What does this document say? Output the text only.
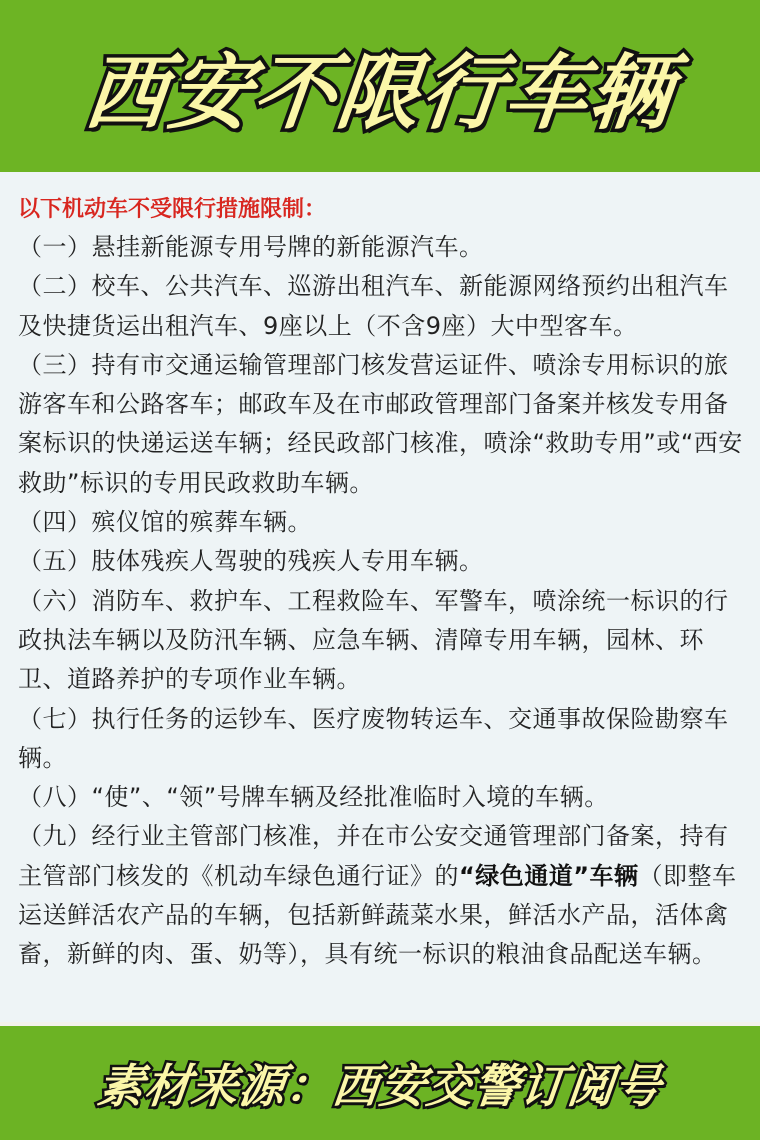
西安不限行车辆
以下机动车不受限行措施限制：

（一）悬挂新能源专用号牌的新能源汽车。

（二）校车、公共汽车、巡游出租汽车、新能源网络预约出租汽车及快捷货运出租汽车、9座以上（不含9座）大中型客车。

（三）持有市交通运输管理部门核发营运证件、喷涂专用标识的旅游客车和公路客车；邮政车及在市邮政管理部门备案并核发专用备案标识的快递运送车辆；经民政部门核准，喷涂“救助专用”或“西安救助”标识的专用民政救助车辆。

（四）殡仪馆的殡葬车辆。

（五）肢体残疾人驾驶的残疾人专用车辆。

（六）消防车、救护车、工程救险车、军警车，喷涂统一标识的行政执法车辆以及防汛车辆、应急车辆、清障专用车辆，园林、环卫、道路养护的专项作业车辆。

（七）执行任务的运钞车、医疗废物转运车、交通事故保险勘察车辆。

（八）“使”、“领”号牌车辆及经批准临时入境的车辆。

（九）经行业主管部门核准，并在市公安交通管理部门备案，持有主管部门核发的《机动车绿色通行证》的“绿色通道”车辆（即整车运送鲜活农产品的车辆，包括新鲜蔬菜水果，鲜活水产品，活体禽畜，新鲜的肉、蛋、奶等），具有统一标识的粮油食品配送车辆。

素材来源：西安交警订阅号
